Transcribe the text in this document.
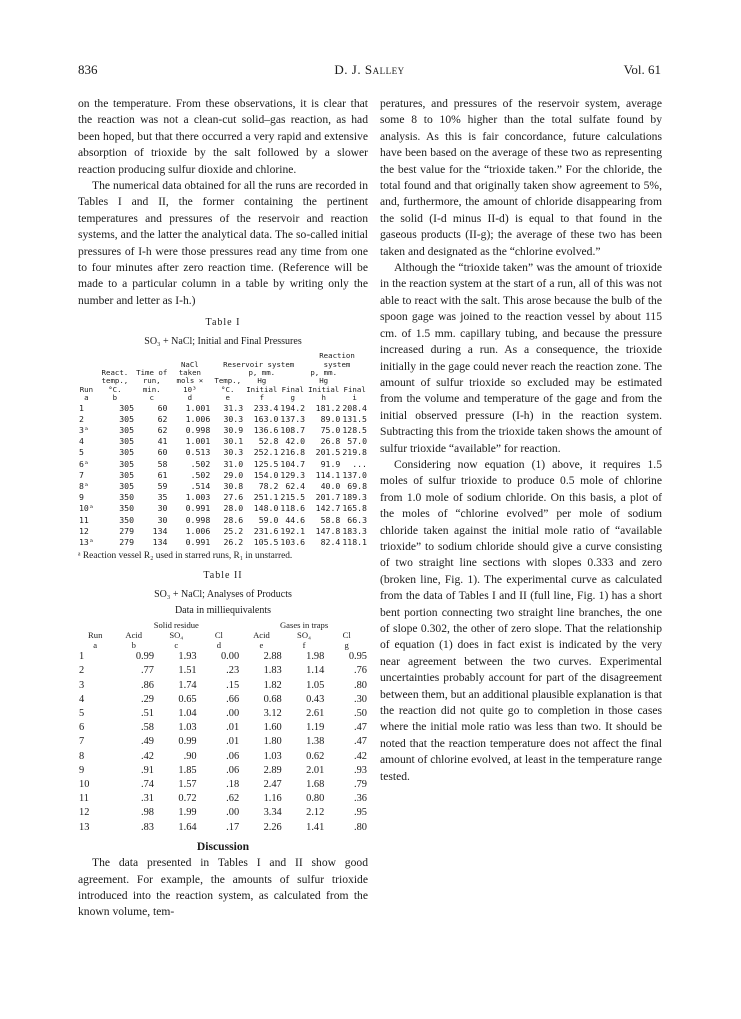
836	D. J. Salley	Vol. 61

on the temperature. From these observations, it is clear that the reaction was not a clean-cut solid–gas reaction, as had been hoped, but that there occurred a very rapid and extensive absorption of trioxide by the salt followed by a slower reaction producing sulfur dioxide and chlorine.

The numerical data obtained for all the runs are recorded in Tables I and II, the former containing the pertinent temperatures and pressures of the reservoir and reaction systems, and the latter the analytical data. The so-called initial pressures of I-h were those pressures read any time from one to four minutes after zero reaction time. (Reference will be made to a particular column in a table by writing only the number and letter as I-h.)

Table I
SO₃ + NaCl; Initial and Final Pressures
Run	React. temp., °C.	Time of run, min.	NaCl taken mols × 10³	Reservoir system			Reaction system	
				Temp., °C.	p, mm. Hg
Initial	Final	p, mm. Hg
Initial	Final
a	b	c	d	e	f	g	h	i
1	305	60	1.001	31.3	233.4	194.2	181.2	208.4
2	305	62	1.006	30.3	163.0	137.3	89.0	131.5
3ᵃ	305	62	0.998	30.9	136.6	108.7	75.0	128.5
4	305	41	1.001	30.1	52.8	42.0	26.8	57.0
5	305	60	0.513	30.3	252.1	216.8	201.5	219.8
6ᵃ	305	58	.502	31.0	125.5	104.7	91.9	...
7	305	61	.502	29.0	154.0	129.3	114.1	137.0
8ᵃ	305	59	.514	30.8	78.2	62.4	40.0	69.8
9	350	35	1.003	27.6	251.1	215.5	201.7	189.3
10ᵃ	350	30	0.991	28.0	148.0	118.6	142.7	165.8
11	350	30	0.998	28.6	59.0	44.6	58.8	66.3
12	279	134	1.006	25.2	231.6	192.1	147.8	183.3
13ᵃ	279	134	0.991	26.2	105.5	103.6	82.4	118.1
ᵃ Reaction vessel R₂ used in starred runs, R₁ in unstarred.
Table II
SO₃ + NaCl; Analyses of Products
Data in milliequivalents
Run	Solid residue			Gases in traps		
	Acid	SO₄	Cl	Acid	SO₄	Cl
a	b	c	d	e	f	g
1	0.99	1.93	0.00	2.88	1.98	0.95
2	.77	1.51	.23	1.83	1.14	.76
3	.86	1.74	.15	1.82	1.05	.80
4	.29	0.65	.66	0.68	0.43	.30
5	.51	1.04	.00	3.12	2.61	.50
6	.58	1.03	.01	1.60	1.19	.47
7	.49	0.99	.01	1.80	1.38	.47
8	.42	.90	.06	1.03	0.62	.42
9	.91	1.85	.06	2.89	2.01	.93
10	.74	1.57	.18	2.47	1.68	.79
11	.31	0.72	.62	1.16	0.80	.36
12	.98	1.99	.00	3.34	2.12	.95
13	.83	1.64	.17	2.26	1.41	.80
Discussion

The data presented in Tables I and II show good agreement. For example, the amounts of sulfur trioxide introduced into the reaction system, as calculated from the known volume, tem-

peratures, and pressures of the reservoir system, average some 8 to 10% higher than the total sulfate found by analysis. As this is fair concordance, future calculations have been based on the average of these two as representing the best value for the “trioxide taken.” For the chloride, the total found and that originally taken show agreement to 5%, and, furthermore, the amount of chloride disappearing from the solid (I-d minus II-d) is equal to that found in the gaseous products (II-g); the average of these two has been taken and designated as the “chlorine evolved.”

Although the “trioxide taken” was the amount of trioxide in the reaction system at the start of a run, all of this was not able to react with the salt. This arose because the bulb of the spoon gage was joined to the reaction vessel by about 115 cm. of 1.5 mm. capillary tubing, and because the pressure increased during a run. As a consequence, the trioxide initially in the gage could never reach the reaction zone. The amount of sulfur trioxide so excluded may be estimated from the volume and temperature of the gage and from the initial observed pressure (I-h) in the reaction system. Subtracting this from the trioxide taken shows the amount of sulfur trioxide “available” for reaction.

Considering now equation (1) above, it requires 1.5 moles of sulfur trioxide to produce 0.5 mole of chlorine from 1.0 mole of sodium chloride. On this basis, a plot of the moles of “chlorine evolved” per mole of sodium chloride taken against the initial mole ratio of “available trioxide” to sodium chloride should give a curve consisting of two straight line sections with slopes 0.333 and zero (broken line, Fig. 1). The experimental curve as calculated from the data of Tables I and II (full line, Fig. 1) has a short bent portion connecting two straight line branches, the one of slope 0.302, the other of zero slope. That the relationship of equation (1) does in fact exist is indicated by the very near agreement between the two curves. Experimental uncertainties probably account for part of the disagreement between them, but an additional plausible explanation is that the reaction did not quite go to completion in those cases where the initial mole ratio was less than two. It should be noted that the reaction temperature does not affect the final amount of chlorine evolved, at least in the temperature range tested.
